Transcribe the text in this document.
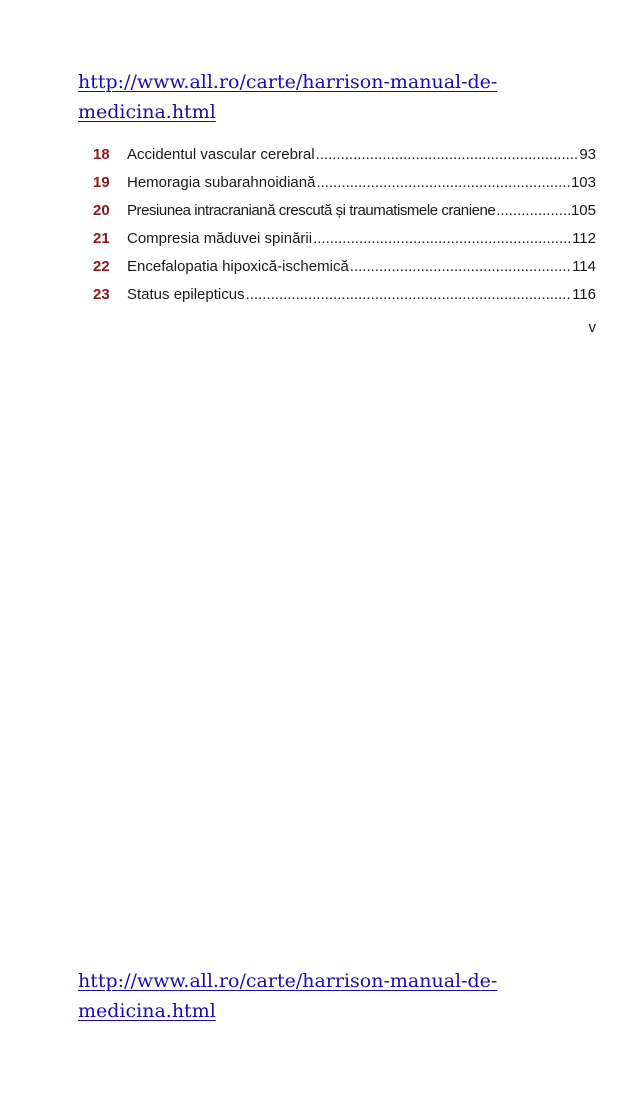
http://www.all.ro/carte/harrison-manual-de-
medicina.html
18	Accidentul vascular cerebral .....	93
19	Hemoragia subarahnoidiană .....	103
20	Presiunea intracraniană crescută și traumatismele craniene .....	105
21	Compresia măduvei spinării .....	112
22	Encefalopatia hipoxică-ischemică .....	114
23	Status epilepticus .....	116
v
http://www.all.ro/carte/harrison-manual-de-
medicina.html
